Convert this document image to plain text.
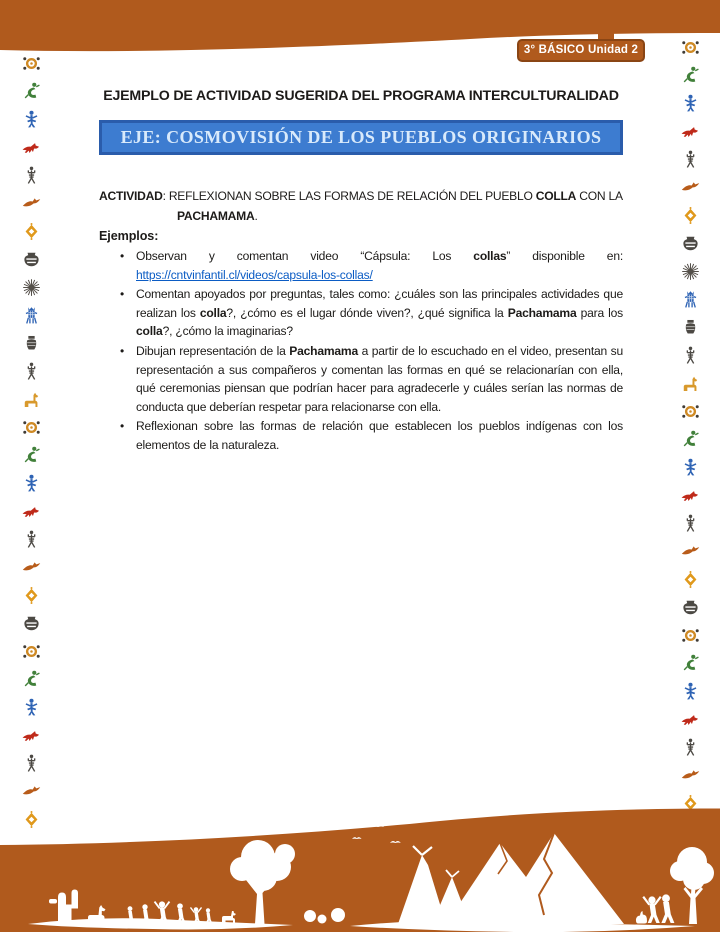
3° BÁSICO Unidad 2
EJEMPLO DE ACTIVIDAD SUGERIDA DEL PROGRAMA INTERCULTURALIDAD
EJE: COSMOVISIÓN DE LOS PUEBLOS ORIGINARIOS
ACTIVIDAD: REFLEXIONAN SOBRE LAS FORMAS DE RELACIÓN DEL PUEBLO COLLA CON LA PACHAMAMA.
Ejemplos:
• Observan y comentan video “Cápsula: Los collas” disponible en: https://cntvinfantil.cl/videos/capsula-los-collas/
• Comentan apoyados por preguntas, tales como: ¿cuáles son las principales actividades que realizan los colla?, ¿cómo es el lugar dónde viven?, ¿qué significa la Pachamama para los colla?, ¿cómo la imaginarias?
• Dibujan representación de la Pachamama a partir de lo escuchado en el video, presentan su representación a sus compañeros y comentan las formas en qué se relacionarían con ella, qué ceremonias piensan que podrían hacer para agradecerle y cuáles serían las normas de conducta que deberían respetar para relacionarse con ella.
• Reflexionan sobre las formas de relación que establecen los pueblos indígenas con los elementos de la naturaleza.
